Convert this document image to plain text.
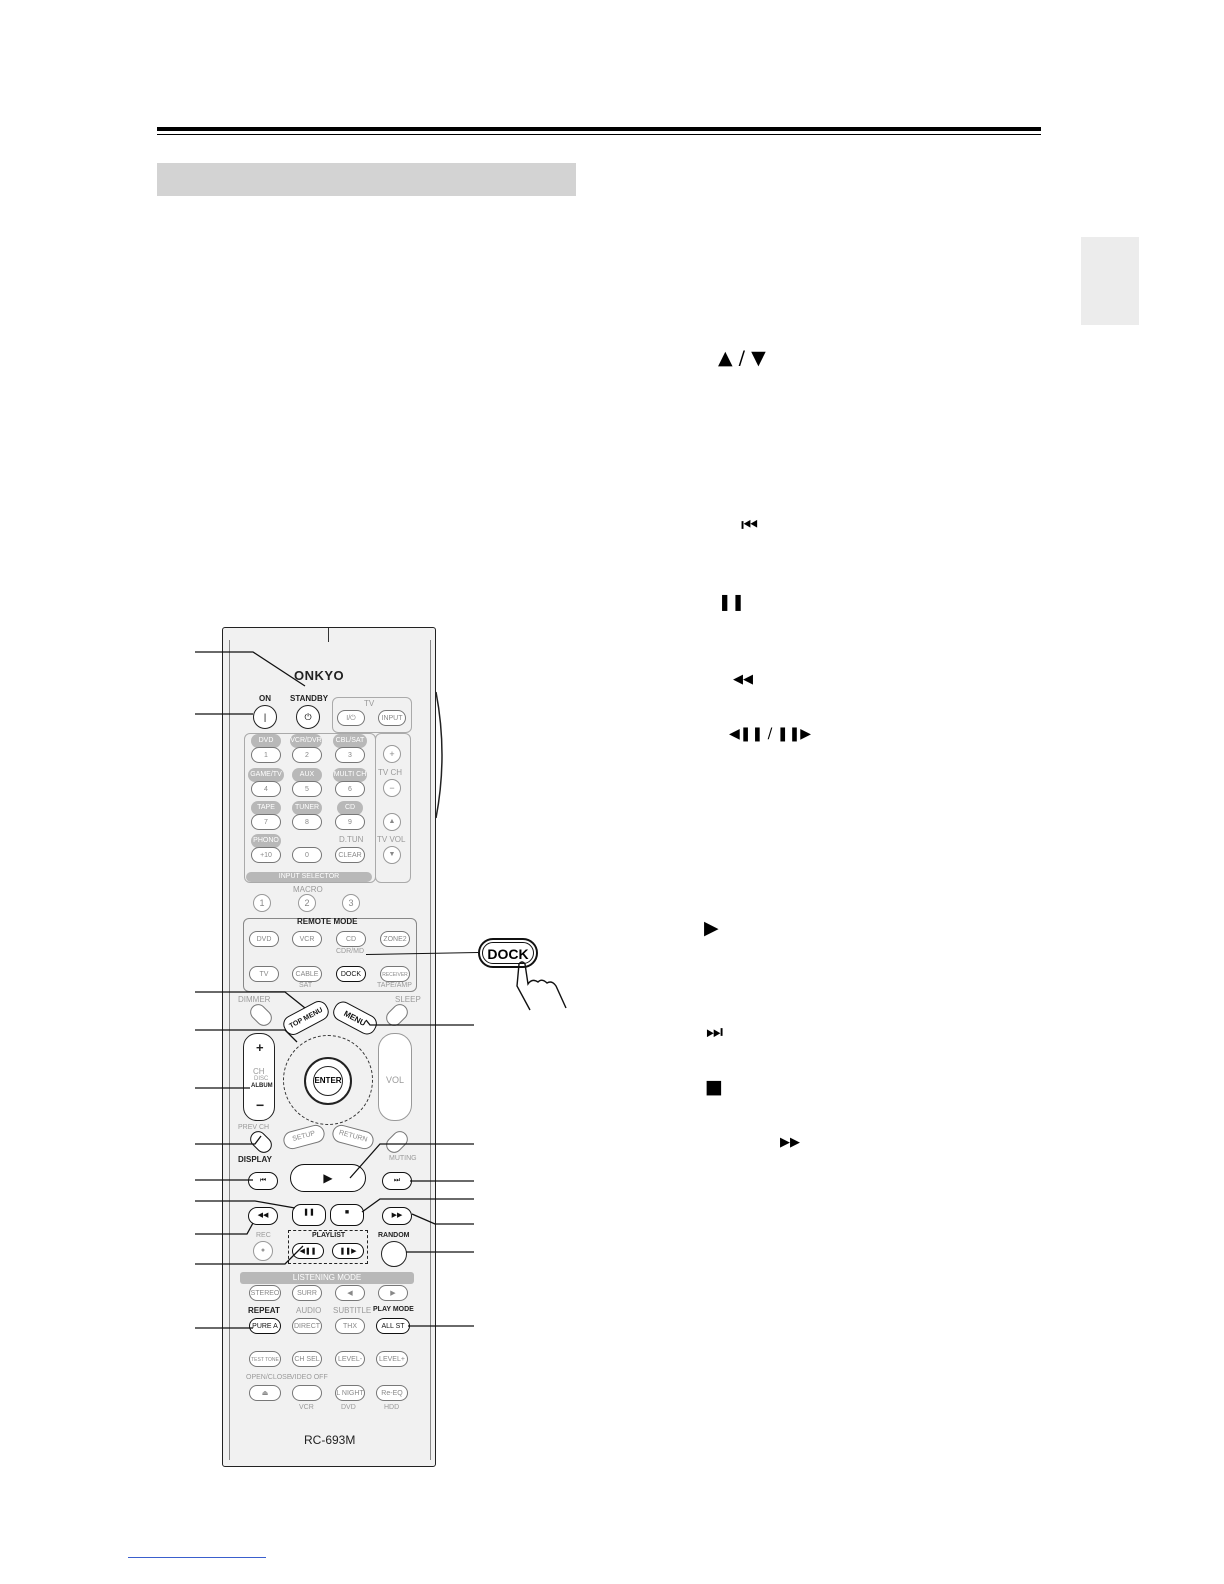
▲ / ▼
⏮
❚❚
◀◀
◀❚❚ / ❚❚▶
▶
⏭
■
▶▶
ONKYO
ON STANDBY
|	⏻
TV
I/⏻	INPUT
DVD	VCR/DVR	CBL/SAT
1	2	3
GAME/TV	AUX	MULTI CH
4	5	6
TAPE	TUNER	CD
7	8	9
PHONO	D.TUN
+10	0	CLEAR
INPUT SELECTOR
+
TV CH
−
▲
TV VOL
▼
MACRO
1	2	3
REMOTE MODE
DVD	VCR	CD	ZONE2
CDR/MD
TV	CABLE	DOCK	RECEIVER
SAT	TAPE/AMP
DOCK
DIMMER	SLEEP
TOP MENU	MENU
+
CH
DISC
ALBUM
−
ENTER	VOL
PREV CH
SETUP	RETURN
DISPLAY	MUTING
⏮	▶	⏭
◀◀	❚❚	■	▶▶
REC
●
PLAYLIST
◀❚❚	❚❚▶
RANDOM
LISTENING MODE
STEREO	SURR	◀	▶
REPEAT AUDIO SUBTITLE PLAY MODE
PURE A	DIRECT	THX	ALL ST
TEST TONE	CH SEL	LEVEL-	LEVEL+
OPEN/CLOSE
VIDEO OFF
⏏	L NIGHT	Re-EQ
VCR	DVD	HDD
RC-693M
